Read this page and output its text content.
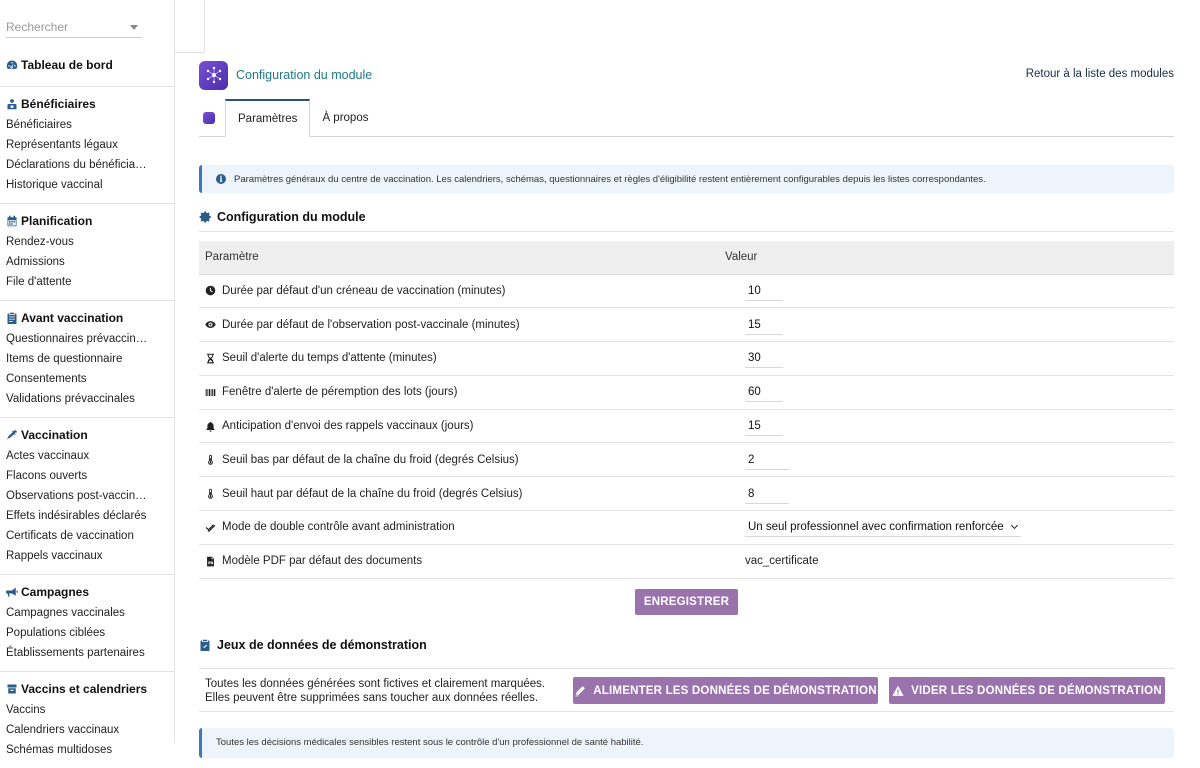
Rechercher
Tableau de bord
Bénéficiaires
Bénéficiaires
Représentants légaux
Déclarations du bénéficia…
Historique vaccinal
Planification
Rendez-vous
Admissions
File d'attente
Avant vaccination
Questionnaires prévaccin…
Items de questionnaire
Consentements
Validations prévaccinales
Vaccination
Actes vaccinaux
Flacons ouverts
Observations post-vaccin…
Effets indésirables déclarés
Certificats de vaccination
Rappels vaccinaux
Campagnes
Campagnes vaccinales
Populations ciblées
Établissements partenaires
Vaccins et calendriers
Vaccins
Calendriers vaccinaux
Schémas multidoses
Configuration du module	Retour à la liste des modules
Paramètres	À propos
i	Paramètres généraux du centre de vaccination. Les calendriers, schémas, questionnaires et règles d'éligibilité restent entièrement configurables depuis les listes correspondantes.
Configuration du module
Paramètre	Valeur

Durée par défaut d'un créneau de vaccination (minutes)	10

Durée par défaut de l'observation post-vaccinale (minutes)	15

Seuil d'alerte du temps d'attente (minutes)	30

Fenêtre d'alerte de péremption des lots (jours)	60

Anticipation d'envoi des rappels vaccinaux (jours)	15

Seuil bas par défaut de la chaîne du froid (degrés Celsius)	2

Seuil haut par défaut de la chaîne du froid (degrés Celsius)	8

Mode de double contrôle avant administration	Un seul professionnel avec confirmation renforcée

Modèle PDF par défaut des documents	vac_certificate
ENREGISTRER
Jeux de données de démonstration
Toutes les données générées sont fictives et clairement marquées.
Elles peuvent être supprimées sans toucher aux données réelles.
ALIMENTER LES DONNÉES DE DÉMONSTRATION	VIDER LES DONNÉES DE DÉMONSTRATION
Toutes les décisions médicales sensibles restent sous le contrôle d'un professionnel de santé habilité.
